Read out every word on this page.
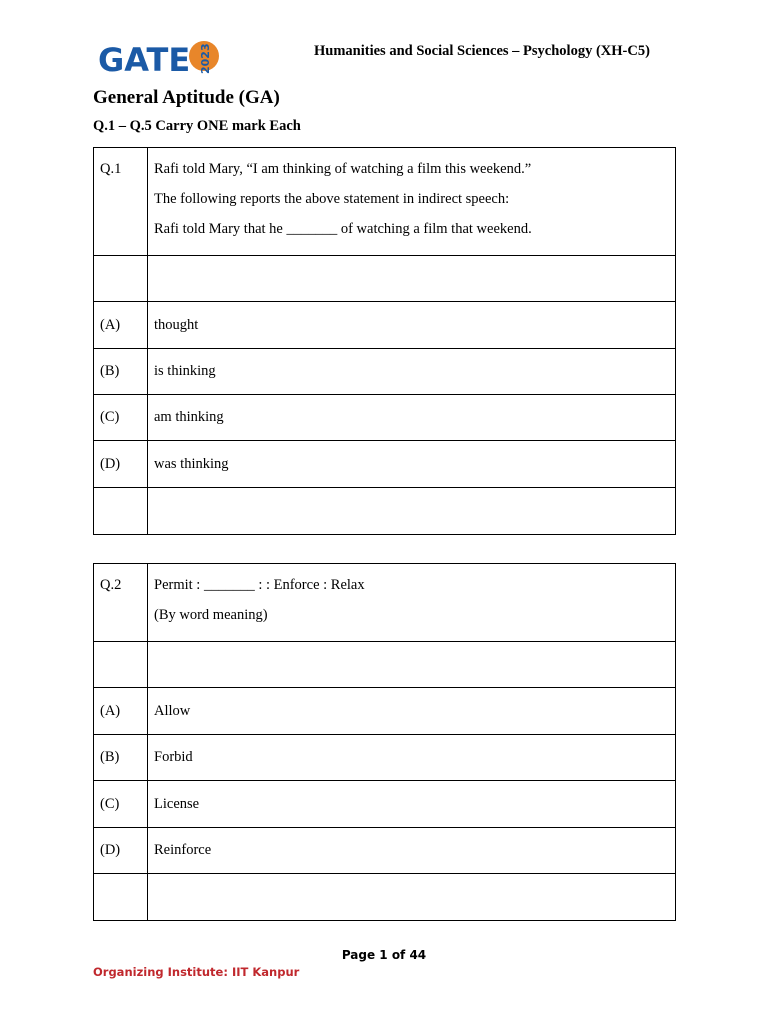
GATE 2023	Humanities and Social Sciences – Psychology (XH-C5)
General Aptitude (GA)
Q.1 – Q.5 Carry ONE mark Each
Q.1	Rafi told Mary, “I am thinking of watching a film this weekend.”
The following reports the above statement in indirect speech:
Rafi told Mary that he _______ of watching a film that weekend.

(A)	thought
(B)	is thinking
(C)	am thinking
(D)	was thinking

Q.2	Permit : _______ : : Enforce : Relax
(By word meaning)

(A)	Allow
(B)	Forbid
(C)	License
(D)	Reinforce

Page 1 of 44
Organizing Institute: IIT Kanpur
